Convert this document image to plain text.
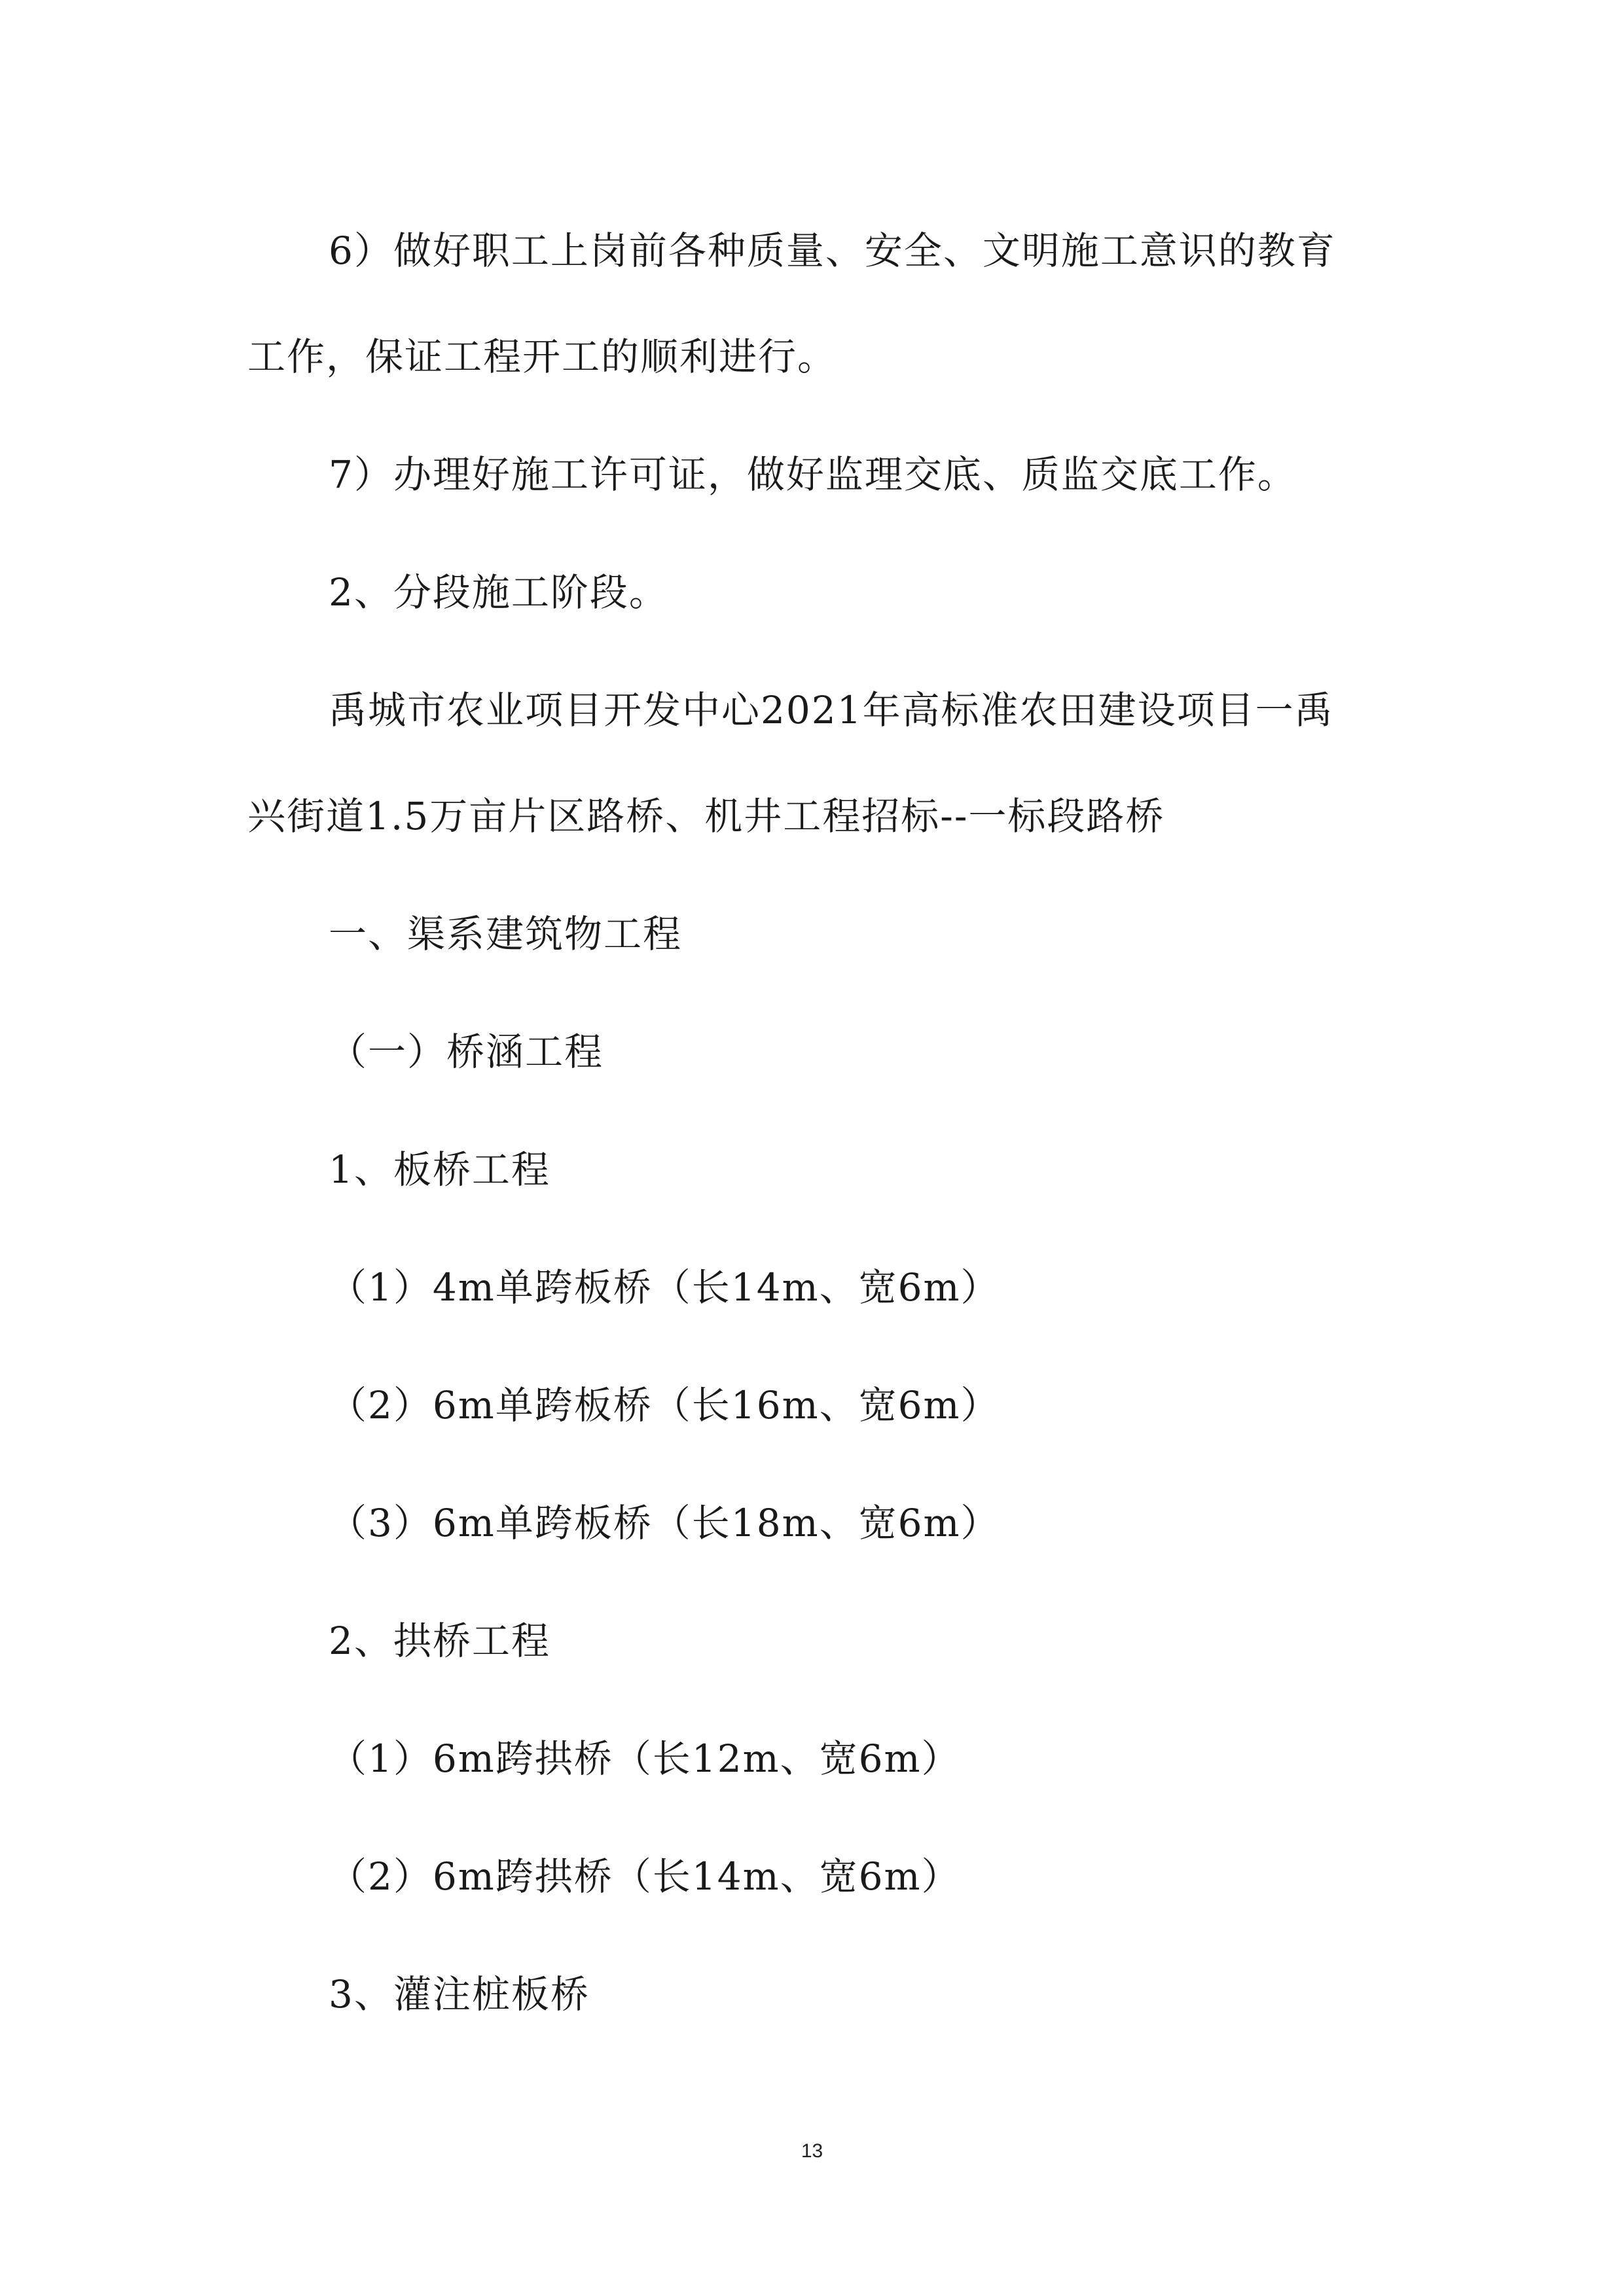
6）做好职工上岗前各种质量、安全、文明施工意识的教育
工作，保证工程开工的顺利进行。
7）办理好施工许可证，做好监理交底、质监交底工作。
2、分段施工阶段。
禹城市农业项目开发中心2021年高标准农田建设项目一禹
兴街道1.5万亩片区路桥、机井工程招标--一标段路桥
一、渠系建筑物工程
（一）桥涵工程
1、板桥工程
（1）4m单跨板桥（长14m、宽6m）
（2）6m单跨板桥（长16m、宽6m）
（3）6m单跨板桥（长18m、宽6m）
2、拱桥工程
（1）6m跨拱桥（长12m、宽6m）
（2）6m跨拱桥（长14m、宽6m）
3、灌注桩板桥
13
